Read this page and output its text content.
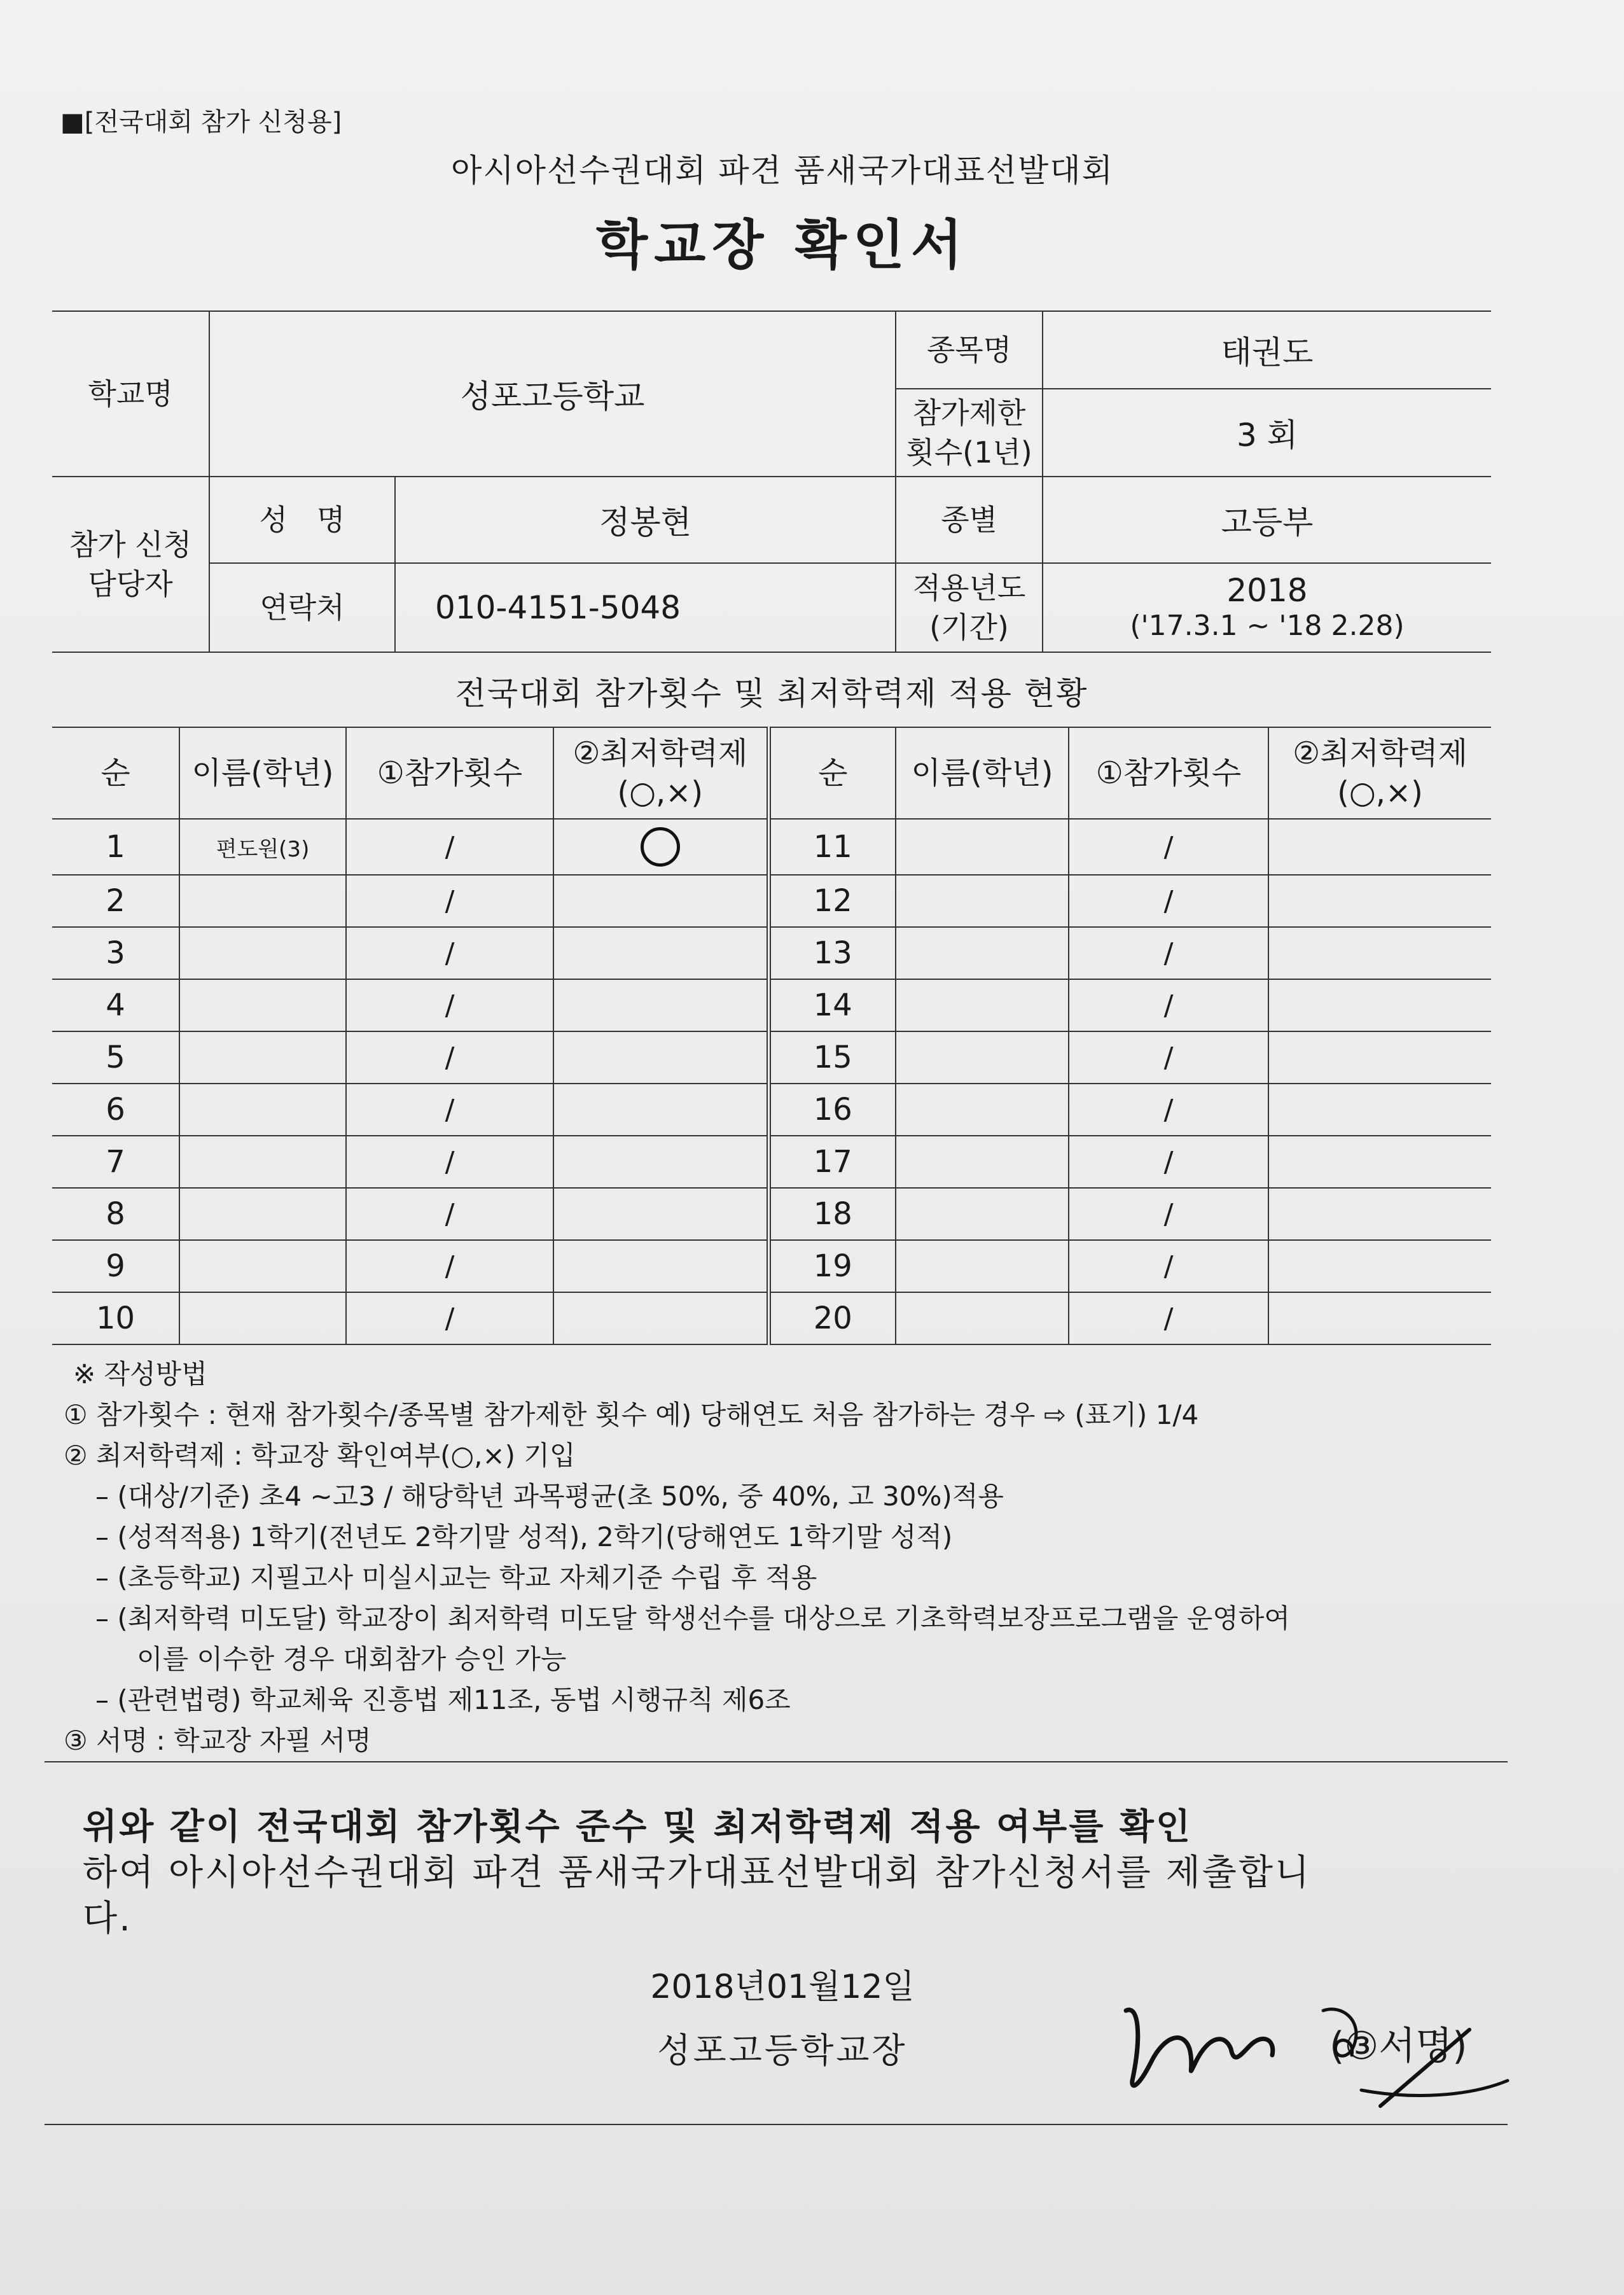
■[전국대회 참가 신청용]
아시아선수권대회 파견 품새국가대표선발대회
학교장 확인서
학교명	성포고등학교		종목명	태권도
			참가제한 횟수(1년)	3 회
참가 신청 담당자	성　명	정봉현	종별	고등부
	연락처	010-4151-5048	적용년도 (기간)	2018
('17.3.1 ~ '18 2.28)
전국대회 참가횟수 및 최저학력제 적용 현황
순	이름(학년)	①참가횟수	②최저학력제 (○,×)	순	이름(학년)	①참가횟수	②최저학력제 (○,×)
1	편도원(3)	/		11		/	
2		/		12		/	
3		/		13		/	
4		/		14		/	
5		/		15		/	
6		/		16		/	
7		/		17		/	
8		/		18		/	
9		/		19		/	
10		/		20		/	
※ 작성방법
① 참가횟수 : 현재 참가횟수/종목별 참가제한 횟수 예) 당해연도 처음 참가하는 경우 ⇨ (표기) 1/4
② 최저학력제 : 학교장 확인여부(○,×) 기입
– (대상/기준) 초4 ~고3 / 해당학년 과목평균(초 50%, 중 40%, 고 30%)적용
– (성적적용) 1학기(전년도 2학기말 성적), 2학기(당해연도 1학기말 성적)
– (초등학교) 지필고사 미실시교는 학교 자체기준 수립 후 적용
– (최저학력 미도달) 학교장이 최저학력 미도달 학생선수를 대상으로 기초학력보장프로그램을 운영하여
이를 이수한 경우 대회참가 승인 가능
– (관련법령) 학교체육 진흥법 제11조, 동법 시행규칙 제6조
③ 서명 : 학교장 자필 서명
위와 같이 전국대회 참가횟수 준수 및 최저학력제 적용 여부를 확인
하여 아시아선수권대회 파견 품새국가대표선발대회 참가신청서를 제출합니
다.
2018년01월12일
성포고등학교장	(③서명)
